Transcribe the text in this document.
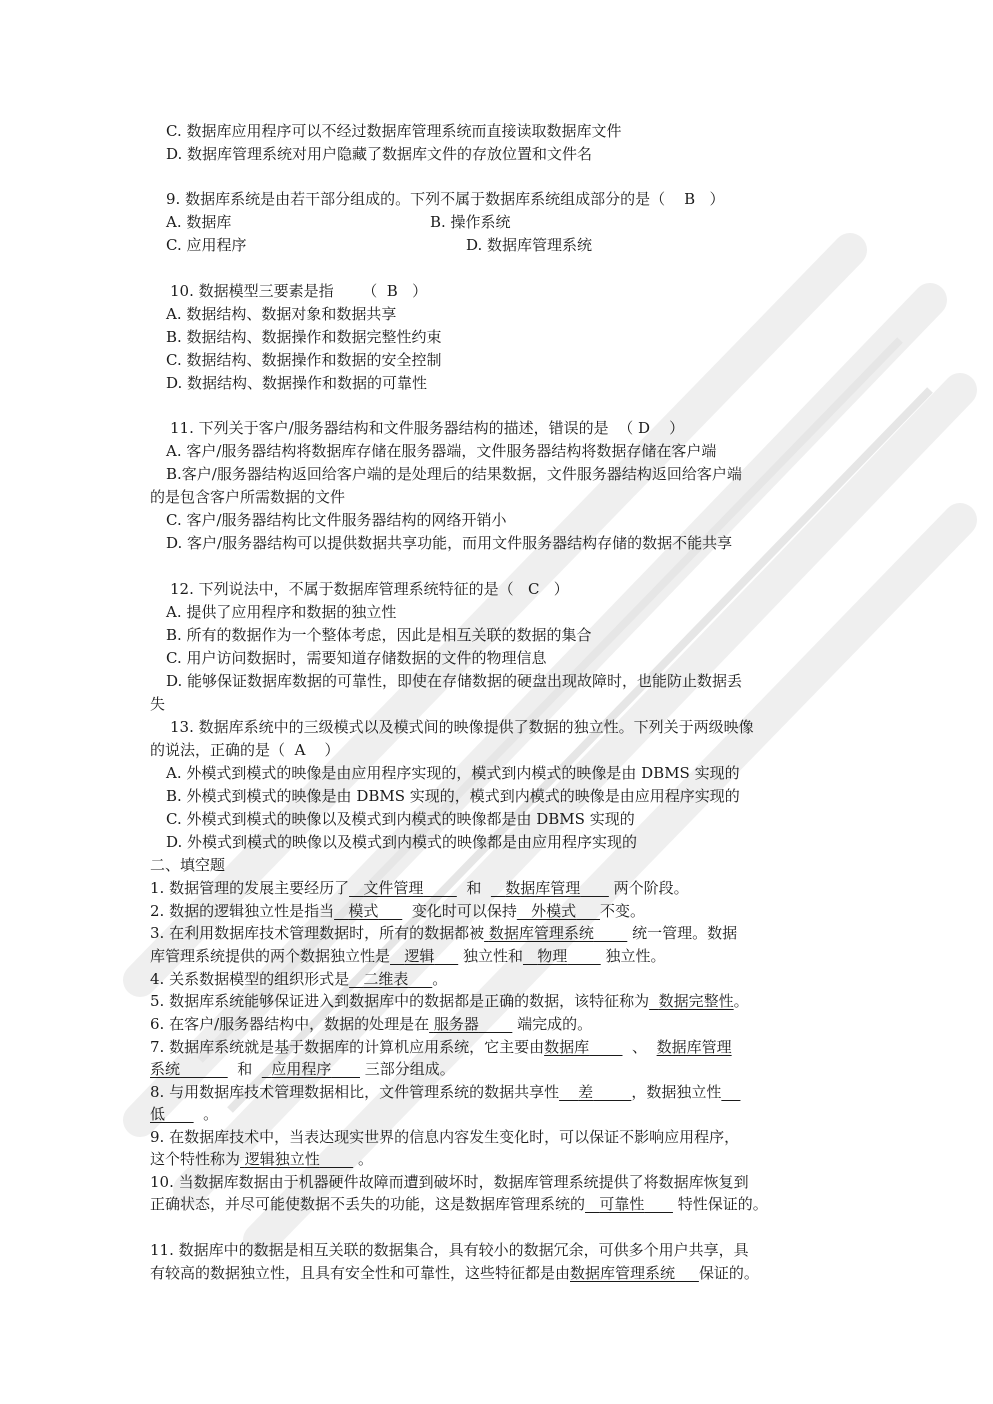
C. 数据库应用程序可以不经过数据库管理系统而直接读取数据库文件
D. 数据库管理系统对用户隐藏了数据库文件的存放位置和文件名
9. 数据库系统是由若干部分组成的。下列不属于数据库系统组成部分的是（ B ）
A. 数据库	B. 操作系统
C. 应用程序	D. 数据库管理系统
10. 数据模型三要素是指 （ B ）
A. 数据结构、数据对象和数据共享
B. 数据结构、数据操作和数据完整性约束
C. 数据结构、数据操作和数据的安全控制
D. 数据结构、数据操作和数据的可靠性
11. 下列关于客户/服务器结构和文件服务器结构的描述，错误的是 （ D ）
A. 客户/服务器结构将数据库存储在服务器端，文件服务器结构将数据存储在客户端
B.客户/服务器结构返回给客户端的是处理后的结果数据，文件服务器结构返回给客户端
的是包含客户所需数据的文件
C. 客户/服务器结构比文件服务器结构的网络开销小
D. 客户/服务器结构可以提供数据共享功能，而用文件服务器结构存储的数据不能共享
12. 下列说法中，不属于数据库管理系统特征的是（ C ）
A. 提供了应用程序和数据的独立性
B. 所有的数据作为一个整体考虑，因此是相互关联的数据的集合
C. 用户访问数据时，需要知道存储数据的文件的物理信息
D. 能够保证数据库数据的可靠性，即使在存储数据的硬盘出现故障时，也能防止数据丢
失
13. 数据库系统中的三级模式以及模式间的映像提供了数据的独立性。下列关于两级映像
的说法，正确的是（ A ）
A. 外模式到模式的映像是由应用程序实现的，模式到内模式的映像是由 DBMS 实现的
B. 外模式到模式的映像是由 DBMS 实现的，模式到内模式的映像是由应用程序实现的
C. 外模式到模式的映像以及模式到内模式的映像都是由 DBMS 实现的
D. 外模式到模式的映像以及模式到内模式的映像都是由应用程序实现的
二、填空题
1. 数据管理的发展主要经历了 文件管理	和 数据库管理 两个阶段。
2. 数据的逻辑独立性是指当 模式 变化时可以保持 外模式 不变。
3. 在利用数据库技术管理数据时，所有的数据都被 数据库管理系统	统一管理。数据
库管理系统提供的两个数据独立性是 逻辑 独立性和 物理	独立性。
4. 关系数据模型的组织形式是 二维表 。
5. 数据库系统能够保证进入到数据库中的数据都是正确的数据，该特征称为 数据完整性。
6. 在客户/服务器结构中，数据的处理是在 服务器	端完成的。
7. 数据库系统就是基于数据库的计算机应用系统，它主要由数据库	、 数据库管理
系统	和 应用程序 三部分组成。
8. 与用数据库技术管理数据相比，文件管理系统的数据共享性 差	，数据独立性
低	。
9. 在数据库技术中，当表达现实世界的信息内容发生变化时，可以保证不影响应用程序，
这个特性称为 逻辑独立性	。
10. 当数据库数据由于机器硬件故障而遭到破坏时，数据库管理系统提供了将数据库恢复到
正确状态，并尽可能使数据不丢失的功能，这是数据库管理系统的 可靠性 特性保证的。
11. 数据库中的数据是相互关联的数据集合，具有较小的数据冗余，可供多个用户共享，具
有较高的数据独立性，且具有安全性和可靠性，这些特征都是由数据库管理系统 保证的。
